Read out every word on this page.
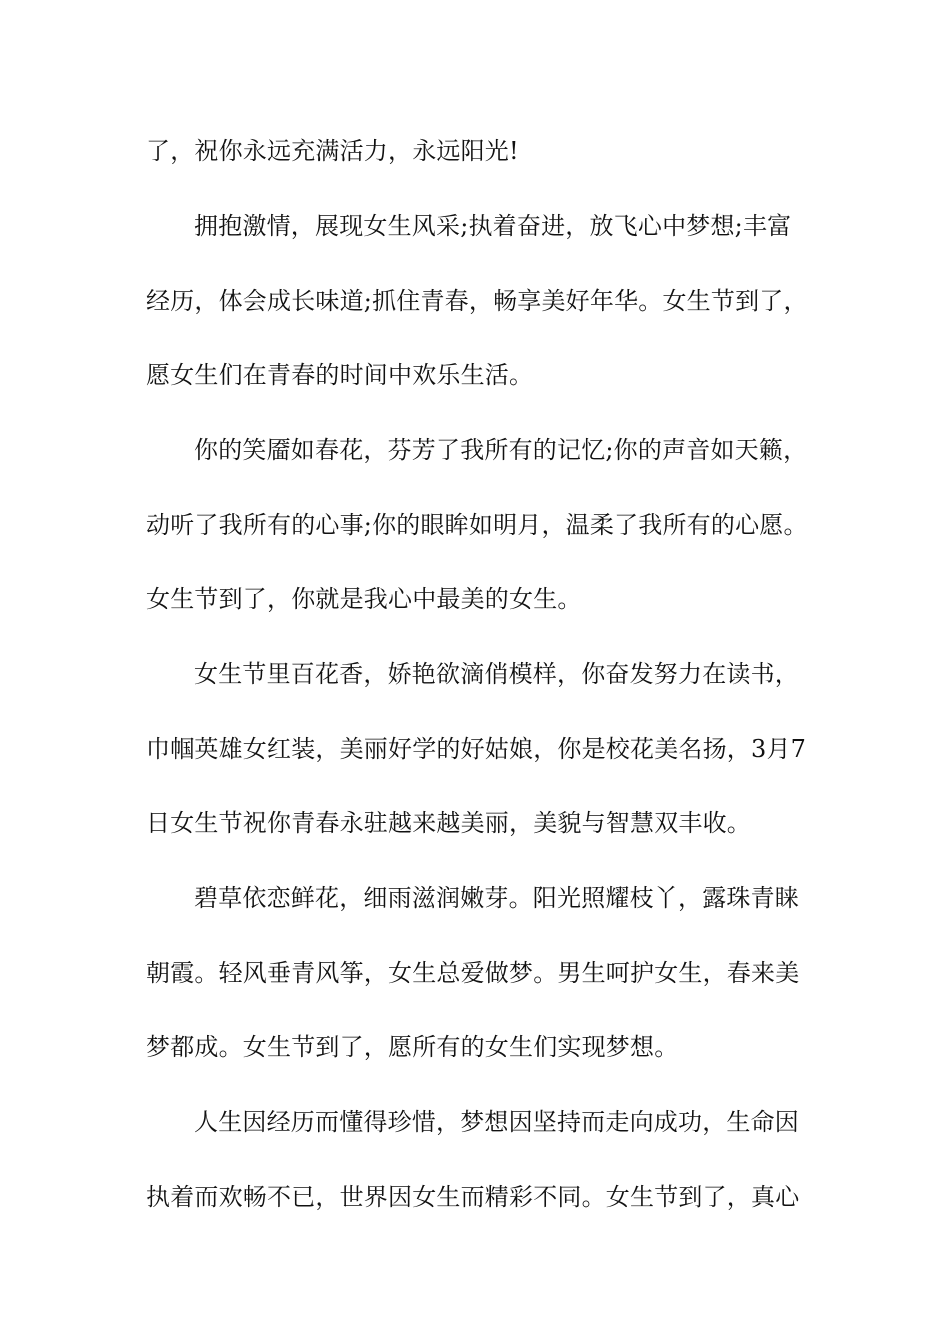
了，祝你永远充满活力，永远阳光!
拥抱激情，展现女生风采;执着奋进，放飞心中梦想;丰富
经历，体会成长味道;抓住青春，畅享美好年华。女生节到了，
愿女生们在青春的时间中欢乐生活。
你的笑靥如春花，芬芳了我所有的记忆;你的声音如天籁，
动听了我所有的心事;你的眼眸如明月，温柔了我所有的心愿。
女生节到了，你就是我心中最美的女生。
女生节里百花香，娇艳欲滴俏模样，你奋发努力在读书，
巾帼英雄女红装，美丽好学的好姑娘，你是校花美名扬，3月7
日女生节祝你青春永驻越来越美丽，美貌与智慧双丰收。
碧草依恋鲜花，细雨滋润嫩芽。阳光照耀枝丫，露珠青睐
朝霞。轻风垂青风筝，女生总爱做梦。男生呵护女生，春来美
梦都成。女生节到了，愿所有的女生们实现梦想。
人生因经历而懂得珍惜，梦想因坚持而走向成功，生命因
执着而欢畅不已，世界因女生而精彩不同。女生节到了，真心
